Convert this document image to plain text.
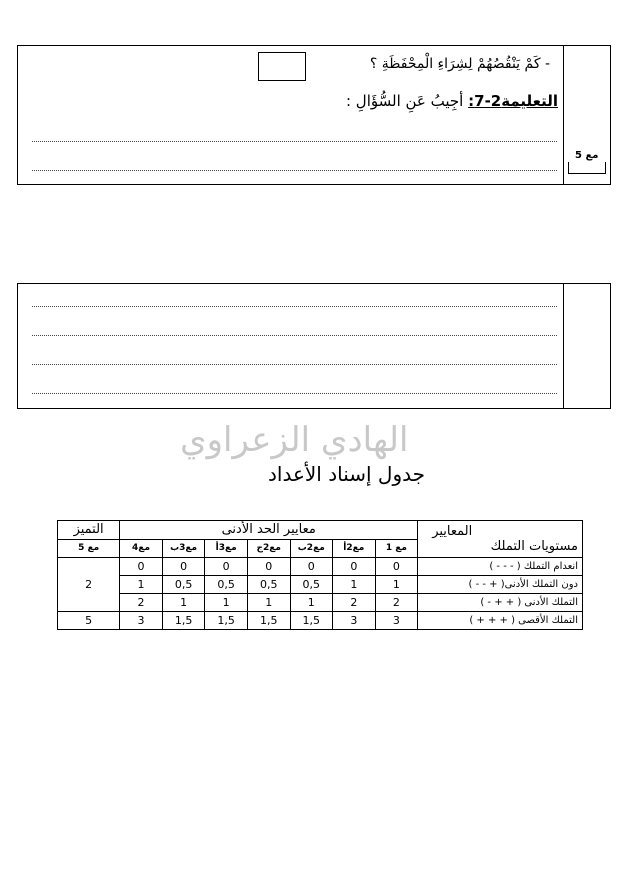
- كَمْ يَنْقُصُهُمْ لِشِرَاءِ الْمِحْفَظَةِ ؟
التعليمة2-7: أجِيبُ عَنِ السُّؤَالِ :
مع 5
الهادي الزعراوي
جدول إسناد الأعداد
المعايير
مستويات التملك	معايير الحد الأدنى							التميز
	مع 1	مع2أ	مع2ب	مع2ج	مع3أ	مع3ب	مع4	مع 5
انعدام التملك ( - - - )	0	0	0	0	0	0	0	2
دون التملك الأدنى( + - - )	1	1	0,5	0,5	0,5	0,5	1	
التملك الأدنى ( + + - )	2	2	1	1	1	1	2	
التملك الأقصى ( + + + )	3	3	1,5	1,5	1,5	1,5	3	5
